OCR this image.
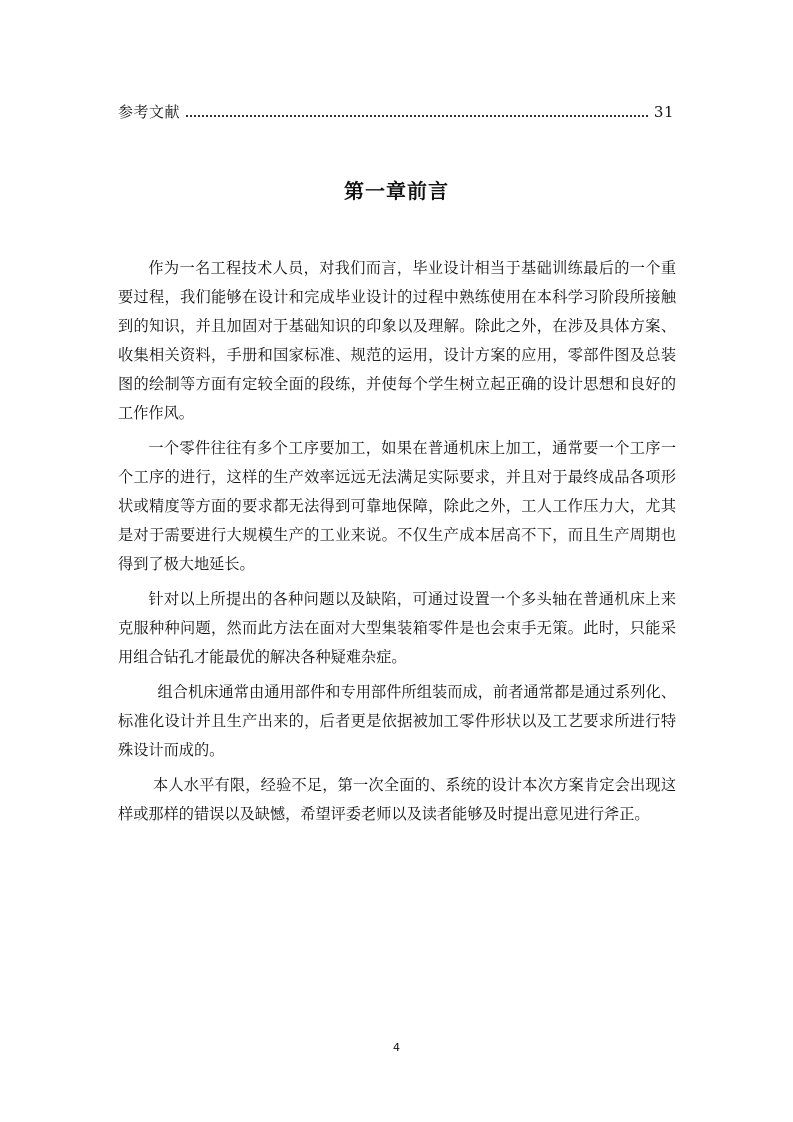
参考文献	31
第一章前言

作为一名工程技术人员，对我们而言，毕业设计相当于基础训练最后的一个重要过程，我们能够在设计和完成毕业设计的过程中熟练使用在本科学习阶段所接触到的知识，并且加固对于基础知识的印象以及理解。除此之外，在涉及具体方案、收集相关资料，手册和国家标准、规范的运用，设计方案的应用，零部件图及总装图的绘制等方面有定较全面的段练，并使每个学生树立起正确的设计思想和良好的工作作风。

一个零件往往有多个工序要加工，如果在普通机床上加工，通常要一个工序一个工序的进行，这样的生产效率远远无法满足实际要求，并且对于最终成品各项形状或精度等方面的要求都无法得到可靠地保障，除此之外，工人工作压力大，尤其是对于需要进行大规模生产的工业来说。不仅生产成本居高不下，而且生产周期也得到了极大地延长。

针对以上所提出的各种问题以及缺陷，可通过设置一个多头轴在普通机床上来克服种种问题，然而此方法在面对大型集装箱零件是也会束手无策。此时，只能采用组合钻孔才能最优的解决各种疑难杂症。

组合机床通常由通用部件和专用部件所组装而成，前者通常都是通过系列化、标准化设计并且生产出来的，后者更是依据被加工零件形状以及工艺要求所进行特殊设计而成的。

本人水平有限，经验不足，第一次全面的、系统的设计本次方案肯定会出现这样或那样的错误以及缺憾，希望评委老师以及读者能够及时提出意见进行斧正。

4
